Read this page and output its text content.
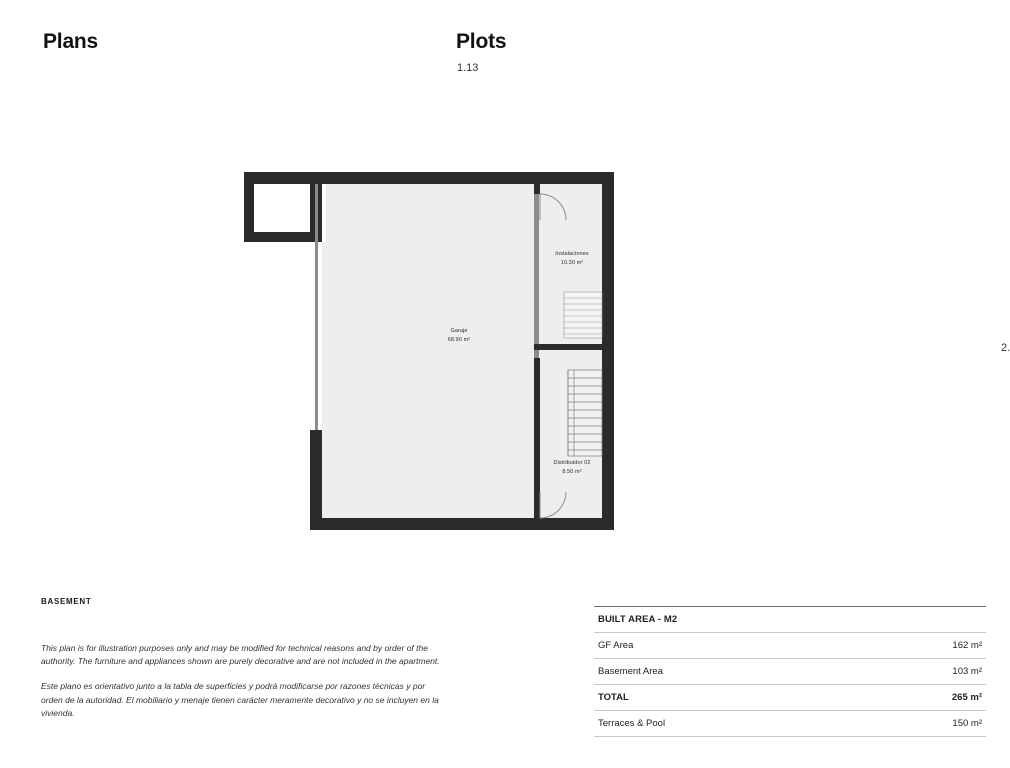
Plans	Plots
1.13
2.
Garaje
68.90 m²
Instalaciones
10.30 m²
Distribuidor 02
8.50 m²
BASEMENT

This plan is for illustration purposes only and may be modified for technical reasons and by order of the authority. The furniture and appliances shown are purely decorative and are not included in the apartment.

Este plano es orientativo junto a la tabla de superficies y podrá modificarse por razones técnicas y por orden de la autoridad. El mobiliario y menaje tienen carácter meramente decorativo y no se incluyen en la vivienda.

BUILT AREA - M2	
GF Area	162 m²
Basement Area	103 m²
TOTAL	265 m²
Terraces & Pool	150 m²
